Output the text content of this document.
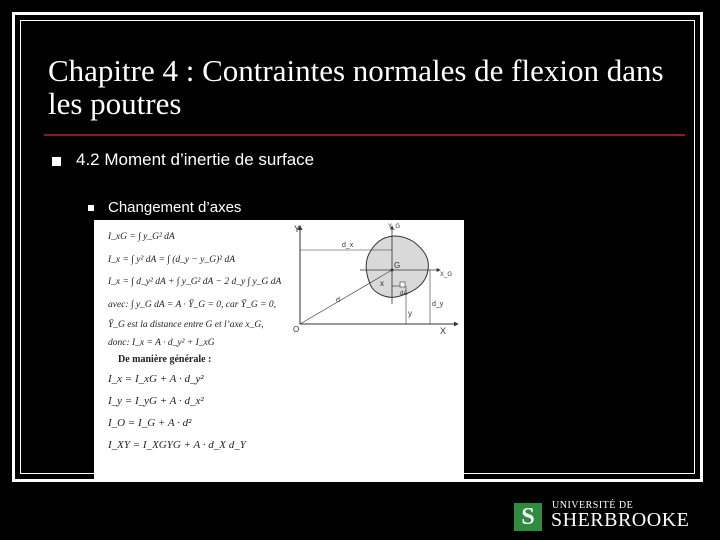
Chapitre 4 : Contraintes normales de flexion dans les poutres
4.2 Moment d’inertie de surface
Changement d’axes
I_xG = ∫ y_G² dA
I_x = ∫ y² dA = ∫ (d_y − y_G)² dA
I_x = ∫ d_y² dA + ∫ y_G² dA − 2 d_y ∫ y_G dA
avec: ∫ y_G dA = A · Ȳ_G = 0, car Ȳ_G = 0,
Ȳ_G est la distance entre G et l’axe x_G,
donc: I_x = A · d_y² + I_xG
De manière générale :
I_x = I_xG + A · d_y²
I_y = I_yG + A · d_x²
I_O = I_G + A · d²
I_XY = I_XGYG + A · d_X d_Y
Y
X
O
Y_G
X_G
G
d_x
d_y
d
x
y
dA
S	UNIVERSITÉ DE
SHERBROOKE
